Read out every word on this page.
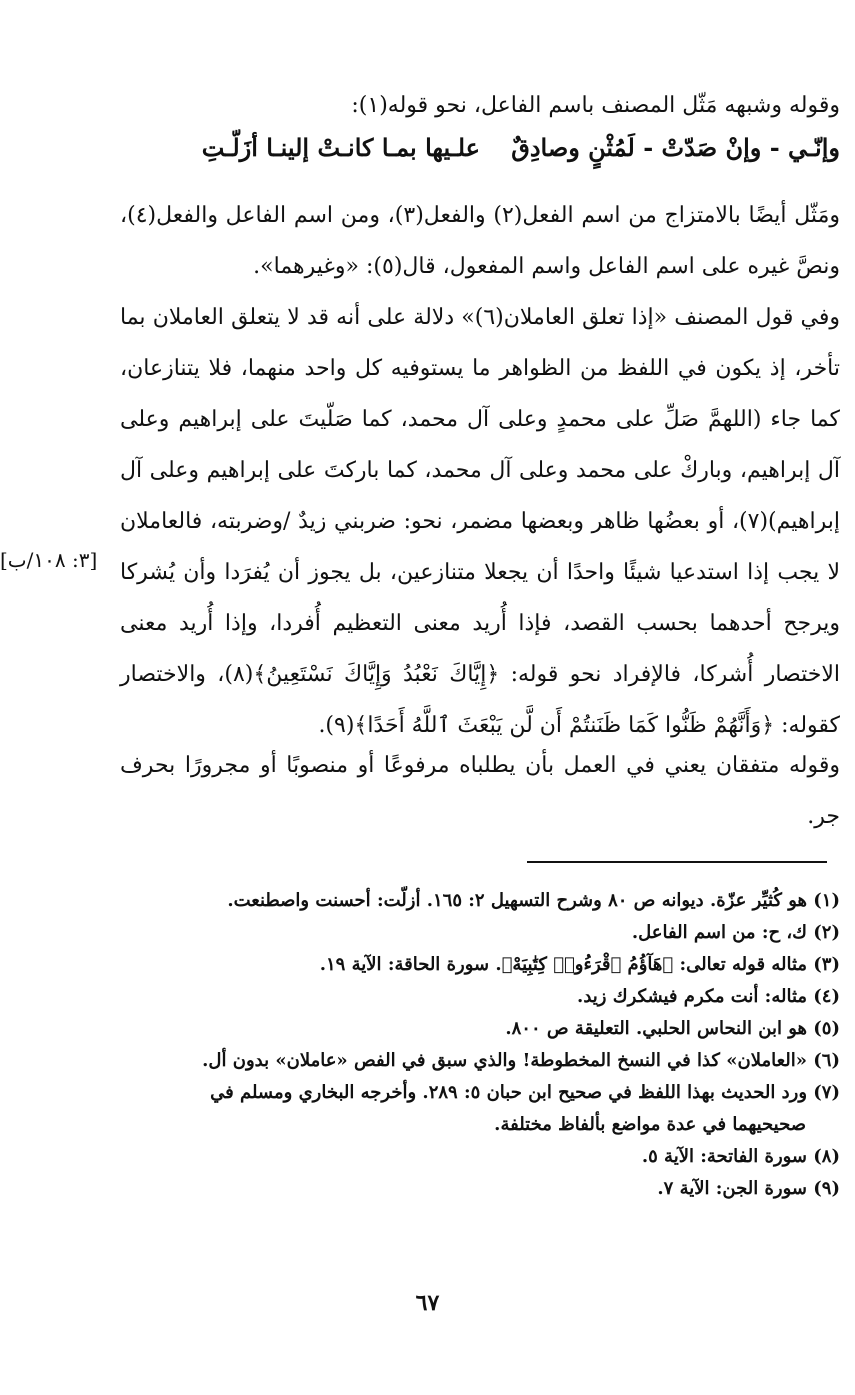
وقوله وشبهه مَثّل المصنف باسم الفاعل، نحو قوله(١):

وإنّـي - وإنْ صَدّتْ - لَمُثْنٍ وصادِقٌعلـيها بمـا كانـتْ إلينـا أزَلّـتِ

ومَثّل أيضًا بالامتزاج من اسم الفعل(٢) والفعل(٣)، ومن اسم الفاعل والفعل(٤)، ونصَّ غيره على اسم الفاعل واسم المفعول، قال(٥): «وغيرهما».

وفي قول المصنف «إذا تعلق العاملان(٦)» دلالة على أنه قد لا يتعلق العاملان بما تأخر، إذ يكون في اللفظ من الظواهر ما يستوفيه كل واحد منهما، فلا يتنازعان، كما جاء (اللهمَّ صَلِّ على محمدٍ وعلى آل محمد، كما صَلّيتَ على إبراهيم وعلى آل إبراهيم، وباركْ على محمد وعلى آل محمد، كما باركتَ على إبراهيم وعلى آل إبراهيم)(٧)، أو بعضُها ظاهر وبعضها مضمر، نحو: ضربني زيدٌ /وضربته، فالعاملان لا يجب إذا استدعيا شيئًا واحدًا أن يجعلا متنازعين، بل يجوز أن يُفرَدا وأن يُشركا ويرجح أحدهما بحسب القصد، فإذا أُريد معنى التعظيم أُفردا، وإذا أُريد معنى الاختصار أُشركا، فالإفراد نحو قوله: ﴿إِيَّاكَ نَعْبُدُ وَإِيَّاكَ نَسْتَعِينُ﴾(٨)، والاختصار كقوله: ﴿وَأَنَّهُمْ ظَنُّوا كَمَا ظَنَنتُمْ أَن لَّن يَبْعَثَ ٱللَّهُ أَحَدًا﴾(٩).

وقوله متفقان يعني في العمل بأن يطلباه مرفوعًا أو منصوبًا أو مجرورًا بحرف جر.

[٣: ١٠٨/ب]
(١) هو كُثيِّر عزّة. ديوانه ص ٨٠ وشرح التسهيل ٢: ١٦٥. أزلّت: أحسنت واصطنعت.
(٢) ك، ح: من اسم الفاعل.
(٣) مثاله قوله تعالى: ﴿هَآؤُمُ ٱقْرَءُوا۟ كِتَٰبِيَهْ﴾. سورة الحاقة: الآية ١٩.
(٤) مثاله: أنت مكرم فيشكرك زيد.
(٥) هو ابن النحاس الحلبي. التعليقة ص ٨٠٠.
(٦) «العاملان» كذا في النسخ المخطوطة! والذي سبق في الفص «عاملان» بدون أل.
(٧) ورد الحديث بهذا اللفظ في صحيح ابن حبان ٥: ٢٨٩. وأخرجه البخاري ومسلم في
صحيحيهما في عدة مواضع بألفاظ مختلفة.
(٨) سورة الفاتحة: الآية ٥.
(٩) سورة الجن: الآية ٧.
٦٧
